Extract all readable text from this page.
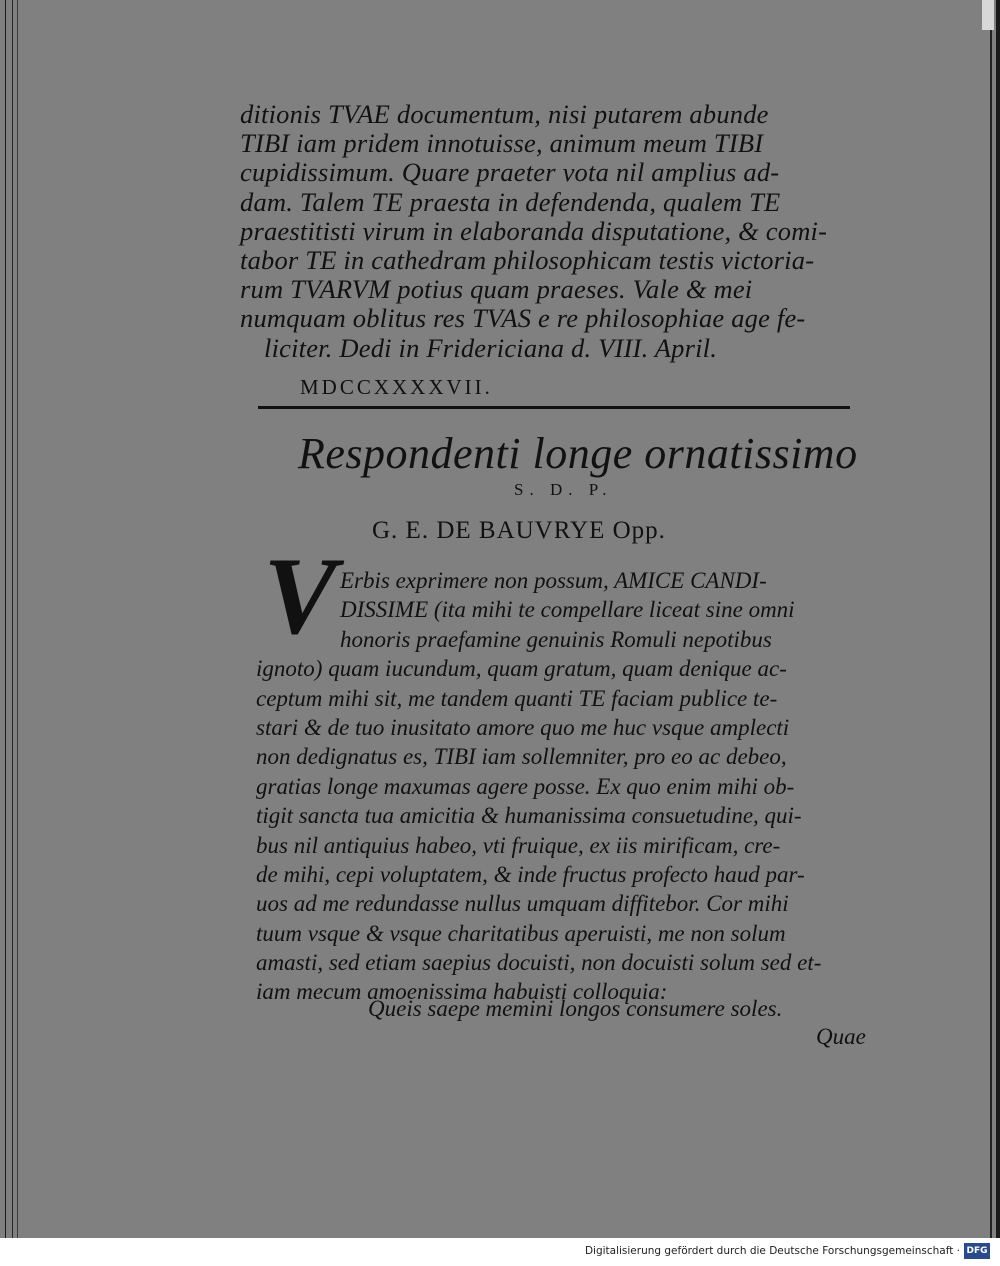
ditionis TVAE documentum, nisi putarem abunde
TIBI iam pridem innotuisse, animum meum TIBI
cupidissimum. Quare praeter vota nil amplius ad-
dam. Talem TE praesta in defendenda, qualem TE
praestitisti virum in elaboranda disputatione, & comi-
tabor TE in cathedram philosophicam testis victoria-
rum TVARVM potius quam praeses. Vale & mei
numquam oblitus res TVAS e re philosophiae age fe-
liciter. Dedi in Fridericiana d. VIII. April.
MDCCXXXXVII.
Respondenti longe ornatissimo
S. D. P.
G. E. DE BAUVRYE Opp.
V Erbis exprimere non possum, AMICE CANDI-
DISSIME (ita mihi te compellare liceat sine omni
honoris praefamine genuinis Romuli nepotibus
ignoto) quam iucundum, quam gratum, quam denique ac-
ceptum mihi sit, me tandem quanti TE faciam publice te-
stari & de tuo inusitato amore quo me huc vsque amplecti
non dedignatus es, TIBI iam sollemniter, pro eo ac debeo,
gratias longe maxumas agere posse. Ex quo enim mihi ob-
tigit sancta tua amicitia & humanissima consuetudine, qui-
bus nil antiquius habeo, vti fruique, ex iis mirificam, cre-
de mihi, cepi voluptatem, & inde fructus profecto haud par-
uos ad me redundasse nullus umquam diffitebor. Cor mihi
tuum vsque & vsque charitatibus aperuisti, me non solum
amasti, sed etiam saepius docuisti, non docuisti solum sed et-
iam mecum amoenissima habuisti colloquia:
Queis saepe memini longos consumere soles.
Quae
Digitalisierung gefördert durch die Deutsche Forschungsgemeinschaft · DFG
